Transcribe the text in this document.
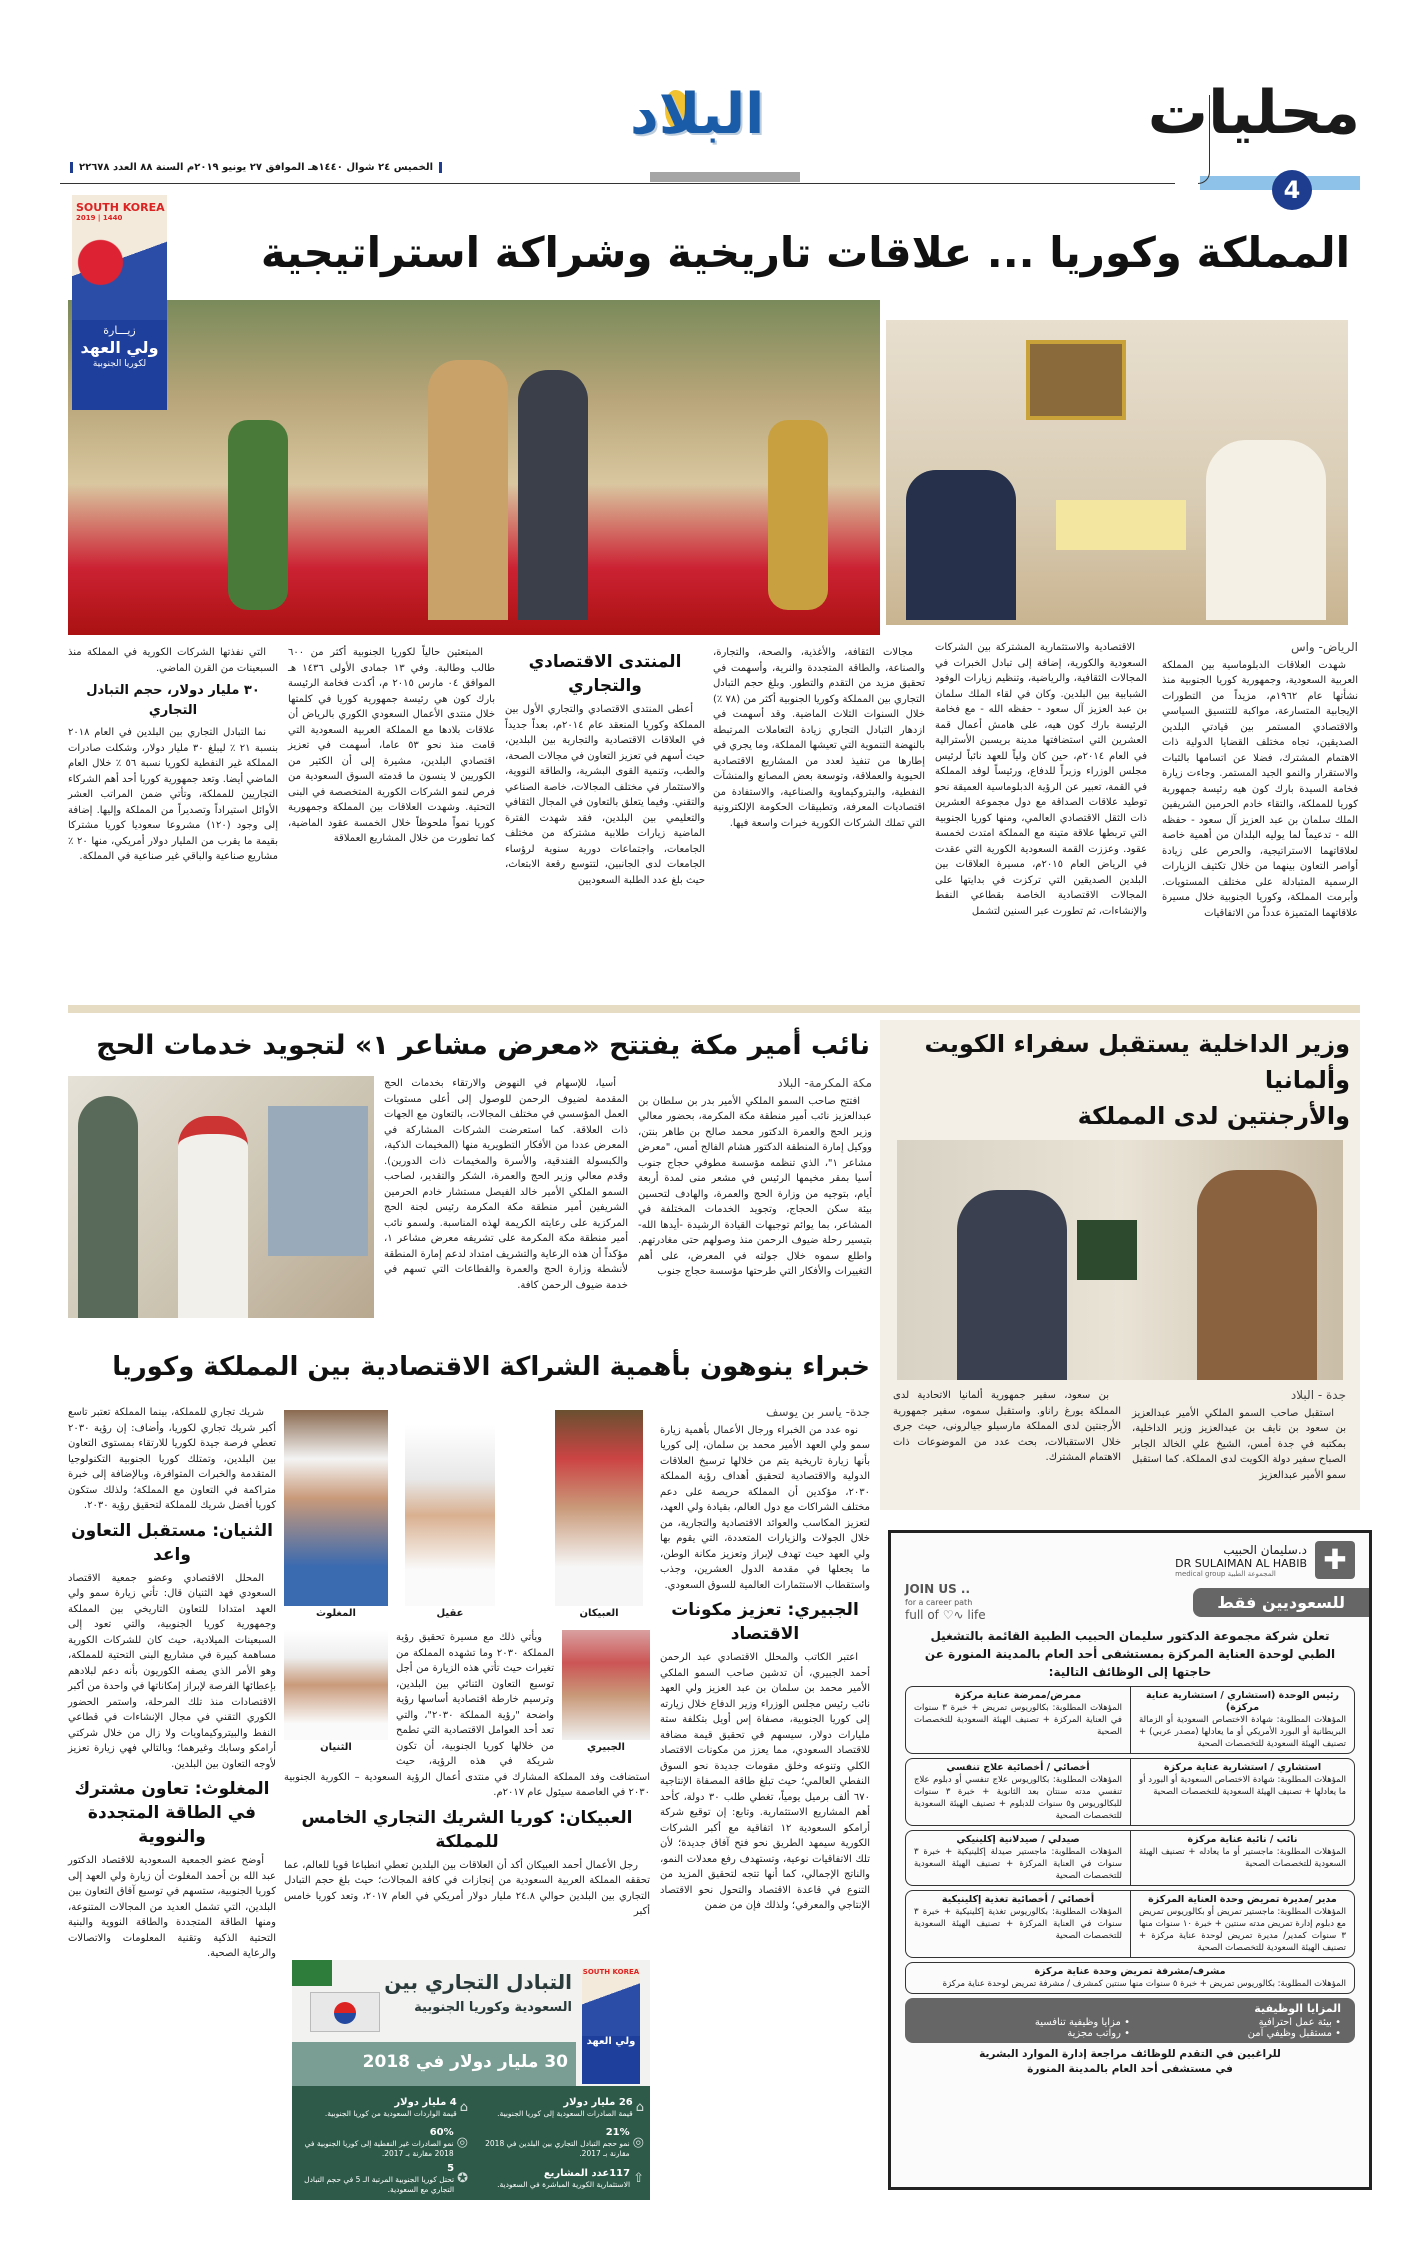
محليات
4
البلاد
الخميس ٢٤ شوال ١٤٤٠هـ الموافق ٢٧ يونيو ٢٠١٩م السنة ٨٨ العدد ٢٢٦٧٨
المملكة وكوريا ... علاقات تاريخية وشراكة استراتيجية
SOUTH KOREA
2019 | 1440
زيـــارة
ولي العهد
لكوريا الجنوبية
الرياض- واس

شهدت العلاقات الدبلوماسية بين المملكة العربية السعودية، وجمهورية كوريا الجنوبية منذ نشأتها عام ١٩٦٢م، مزيداً من التطورات الإيجابية المتسارعة، مواكبة للتنسيق السياسي والاقتصادي المستمر بين قيادتي البلدين الصديقين، تجاه مختلف القضايا الدولية ذات الاهتمام المشترك، فضلا عن اتسامها بالثبات والاستقرار والنمو الجيد المستمر. وجاءت زيارة فخامة السيدة بارك كون هيه رئيسة جمهورية كوريا للمملكة، والتقاء خادم الحرمين الشريفين الملك سلمان بن عبد العزيز آل سعود - حفظه الله - تدعيماً لما يوليه البلدان من أهمية خاصة لعلاقاتهما الاستراتيجية، والحرص على زيادة أواصر التعاون بينهما من خلال تكثيف الزيارات الرسمية المتبادلة على مختلف المستويات. وأبرمت المملكة، وكوريا الجنوبية خلال مسيرة علاقاتهما المتميزة عدداً من الاتفاقيات

الاقتصادية والاستثمارية المشتركة بين الشركات السعودية والكورية، إضافة إلى تبادل الخبرات في المجالات الثقافية، والرياضية، وتنظيم زيارات الوفود الشبابية بين البلدين. وكان في لقاء الملك سلمان بن عبد العزيز آل سعود - حفظه الله - مع فخامة الرئيسة بارك كون هيه، على هامش أعمال قمة العشرين التي استضافتها مدينة بريسبن الأسترالية في العام ٢٠١٤م، حين كان ولياً للعهد نائباً لرئيس مجلس الوزراء وزيراً للدفاع، ورئيساً لوفد المملكة في القمة، تعبير عن الرؤية الدبلوماسية العميقة نحو توطيد علاقات الصداقة مع دول مجموعة العشرين ذات الثقل الاقتصادي العالمي، ومنها كوريا الجنوبية التي تربطها علاقة متينة مع المملكة امتدت لخمسة عقود. وعززت القمة السعودية الكورية التي عقدت في الرياض العام ٢٠١٥م، مسيرة العلاقات بين البلدين الصديقين التي تركزت في بدايتها على المجالات الاقتصادية الخاصة بقطاعي النفط والإنشاءات، ثم تطورت عبر السنين لتشمل

مجالات الثقافة، والأغذية، والصحة، والتجارة، والصناعة، والطاقة المتجددة والنرية، وأسهمت في تحقيق مزيد من التقدم والتطور. وبلغ حجم التبادل التجاري بين المملكة وكوريا الجنوبية أكثر من (٧٨ ٪) خلال السنوات الثلاث الماضية. وقد أسهمت في ازدهار التبادل التجاري زيادة التعاملات المرتبطة بالنهضة التنموية التي تعيشها المملكة، وما يجري في إطارها من تنفيذ لعدد من المشاريع الاقتصادية الحيوية والعملاقة، وتوسعة بعض المصانع والمنشآت النفطية، والبتروكيماوية والصناعية، والاستفادة من اقتصاديات المعرفة، وتطبيقات الحكومة الإلكترونية التي تملك الشركات الكورية خبرات واسعة فيها.

المنتدى الاقتصادي والتجاري

أعطى المنتدى الاقتصادي والتجاري الأول بين المملكة وكوريا المنعقد عام ٢٠١٤م، بعداً جديداً في العلاقات الاقتصادية والتجارية بين البلدين، حيث أسهم في تعزيز التعاون في مجالات الصحة، والطب، وتنمية القوى البشرية، والطاقة النووية، والاستثمار في مختلف المجالات، خاصة الصناعي والتقني. وفيما يتعلق بالتعاون في المجال الثقافي والتعليمي بين البلدين، فقد شهدت الفترة الماضية زيارات طلابية مشتركة من مختلف الجامعات، واجتماعات دورية سنوية لرؤساء الجامعات لدى الجانبين، لتتوسع رقعة الابتعاث، حيث بلغ عدد الطلبة السعوديين

المبتعثين حالياً لكوريا الجنوبية أكثر من ٦٠٠ طالب وطالبة. وفي ١٣ جمادى الأولى ١٤٣٦ هـ الموافق ٠٤ مارس ٢٠١٥ م، أكدت فخامة الرئيسة بارك كون هي رئيسة جمهورية كوريا في كلمتها خلال منتدى الأعمال السعودي الكوري بالرياض أن علاقات بلادها مع المملكة العربية السعودية التي قامت منذ نحو ٥٣ عاما، أسهمت في تعزيز اقتصادي البلدين، مشيرة إلى أن الكثير من الكوريين لا ينسون ما قدمته السوق السعودية من فرص لنمو الشركات الكورية المتخصصة في البنى التحتية. وشهدت العلاقات بين المملكة وجمهورية كوريا نمواً ملحوظاً خلال الخمسة عقود الماضية، كما تطورت من خلال المشاريع العملاقة

التي نفذتها الشركات الكورية في المملكة منذ السبعينات من القرن الماضي.

٣٠ مليار دولار، حجم التبادل التجاري

نما التبادل التجاري بين البلدين في العام ٢٠١٨ بنسبة ٢١ ٪ ليبلغ ٣٠ مليار دولار، وشكلت صادرات المملكة غير النفطية لكوريا نسبة ٥٦ ٪ خلال العام الماضي أيضا. وتعد جمهورية كوريا أحد أهم الشركاء التجاريين للمملكة، وتأتي ضمن المراتب العشر الأوائل استيراداً وتصديراً من المملكة وإليها. إضافة إلى وجود (١٢٠) مشروعا سعوديا كوريا مشتركا بقيمة ما يقرب من المليار دولار أمريكي، منها ٢٠ ٪ مشاريع صناعية والباقي غير صناعية في المملكة.

وزير الداخلية يستقبل سفراء الكويت وألمانيا
والأرجنتين لدى المملكة
جدة - البلاد

استقبل صاحب السمو الملكي الأمير عبدالعزيز بن سعود بن نايف بن عبدالعزيز وزير الداخلية، بمكتبه في جدة أمس، الشيخ علي الخالد الجابر الصباح سفير دولة الكويت لدى المملكة. كما استقبل سمو الأمير عبدالعزيز

بن سعود، سفير جمهورية ألمانيا الاتحادية لدى المملكة يورغ راناو. واستقبل سموه، سفير جمهورية الأرجنتين لدى المملكة مارسيلو جيالرونى، حيث جرى خلال الاستقبالات، بحث عدد من الموضوعات ذات الاهتمام المشترك.

نائب أمير مكة يفتتح «معرض مشاعر ١» لتجويد خدمات الحج
مكة المكرمة- البلاد

افتتح صاحب السمو الملكي الأمير بدر بن سلطان بن عبدالعزيز نائب أمير منطقة مكة المكرمة، بحضور معالي وزير الحج والعمرة الدكتور محمد صالح بن طاهر بنتن، ووكيل إمارة المنطقة الدكتور هشام الفالح أمس، "معرض مشاعر ١"، الذي تنظمه مؤسسة مطوفي حجاج جنوب أسيا بمقر مخيمها الرئيس في مشعر منى لمدة أربعة أيام، بتوجيه من وزارة الحج والعمرة، والهادف لتحسين بيئة سكن الحجاج، وتجويد الخدمات المختلفة في المشاعر، بما يوائم توجيهات القيادة الرشيدة -أيدها الله- بتيسير رحلة ضيوف الرحمن منذ وصولهم حتى مغادرتهم. واطلع سموه خلال جولته في المعرض، على أهم التغييرات والأفكار التي طرحتها مؤسسة حجاج جنوب

أسيا، للإسهام في النهوض والارتقاء بخدمات الحج المقدمة لضيوف الرحمن للوصول إلى أعلى مستويات العمل المؤسسي في مختلف المجالات، بالتعاون مع الجهات ذات العلاقة. كما استعرضت الشركات المشاركة في المعرض عددا من الأفكار التطويرية منها (المخيمات الذكية، والكبسولة الفندقية، والأسرة والمخيمات ذات الدورين). وقدم معالي وزير الحج والعمرة، الشكر والتقدير، لصاحب السمو الملكي الأمير خالد الفيصل مستشار خادم الحرمين الشريفين أمير منطقة مكة المكرمة رئيس لجنة الحج المركزية على رعايته الكريمة لهذه المناسبة. ولسمو نائب أمير منطقة مكة المكرمة على تشريفه معرض مشاعر ١، مؤكداً أن هذه الرعاية والتشريف امتداد لدعم إمارة المنطقة لأنشطة وزارة الحج والعمرة والقطاعات التي تسهم في خدمة ضيوف الرحمن كافة.

خبراء ينوهون بأهمية الشراكة الاقتصادية بين المملكة وكوريا
جدة- ياسر بن يوسف

نوه عدد من الخبراء ورجال الأعمال بأهمية زيارة سمو ولي العهد الأمير محمد بن سلمان، إلى كوريا بأنها زيارة تاريخية يتم من خلالها ترسيخ العلاقات الدولية والاقتصادية لتحقيق أهداف رؤية المملكة ٢٠٣٠، مؤكدين أن المملكة حريصة على دعم مختلف الشراكات مع دول العالم، بقيادة ولي العهد، لتعزيز المكاسب والعوائد الاقتصادية والتجارية، من خلال الجولات والزيارات المتعددة، التي يقوم بها ولي العهد حيث تهدف لإبراز وتعزيز مكانة الوطن، ما يجعلها في مقدمة الدول العشرين، وجذب واستقطاب الاستثمارات العالمية للسوق السعودي.

الجبيري: تعزيز مكونات الاقتصاد

اعتبر الكاتب والمحلل الاقتصادي عبد الرحمن أحمد الجبيري، أن تدشين صاحب السمو الملكي الأمير محمد بن سلمان بن عبد العزيز ولي العهد نائب رئيس مجلس الوزراء وزير الدفاع خلال زيارته إلى كوريا الجنوبية، مصفاة إس أويل بتكلفة ستة مليارات دولار، سيسهم في تحقيق قيمة مضافة للاقتصاد السعودي، مما يعزز من مكونات الاقتصاد الكلي وتنوعه وخلق مقومات جديدة نحو السوق النفطي العالمي؛ حيث تبلغ طاقة المصفاة الإنتاجية ٦٧٠ ألف برميل يومياً، تغطي طلب ٣٠ دولة، كأحد أهم المشاريع الاستثمارية. وتابع: إن توقيع شركة أرامكو السعودية ١٢ اتفاقية مع أكبر الشركات الكورية سيمهد الطريق نحو فتح آفاق جديدة؛ لأن تلك الاتفاقيات نوعية، وتستهدف رفع معدلات النمو، والناتج الإجمالي، كما أنها تتجه لتحقيق المزيد من التنوع في قاعدة الاقتصاد والتحول نحو الاقتصاد الإنتاجي والمعرفي؛ ولذلك فإن من ضمن

المغلوث	عقيل	العبيكان
الثنيان	الجبيري

ويأتي ذلك مع مسيرة تحقيق رؤية المملكة ٢٠٣٠ وما تشهده المملكة من تغيرات حيث تأتي هذه الزيارة من أجل توسيع التعاون الثنائي بين البلدين، وترسيم خارطة اقتصادية أساسها رؤية واضحة "رؤية المملكة ٢٠٣٠"، والتي تعد أحد العوامل الاقتصادية التي تطمح من خلالها كوريا الجنوبية، أن تكون شريكة في هذه الرؤية، حيث استضافت وفد المملكة المشارك في منتدى أعمال الرؤية السعودية – الكورية الجنوبية ٢٠٣٠ في العاصمة سيئول عام ٢٠١٧م.

العبيكان: كوريا الشريك التجاري الخامس للمملكة

رجل الأعمال أحمد العبيكان أكد أن العلاقات بين البلدين تعطي انطباعا قويا للعالم، عما تحققه المملكة العربية السعودية من إنجازات في كافة المجالات؛ حيث بلغ حجم التبادل التجاري بين البلدين حوالي ٢٤.٨ مليار دولار أمريكي في العام ٢٠١٧، وتعد كوريا خامس أكبر

شريك تجاري للمملكة، بينما المملكة تعتبر تاسع أكبر شريك تجاري لكوريا، وأضاف: إن رؤية ٢٠٣٠ تعطي فرصة جيدة لكوريا للارتقاء بمستوى التعاون بين البلدين، وتمتلك كوريا الجنوبية التكنولوجيا المتقدمة والخبرات المتوافرة، وبالإضافة إلى خبرة متراكمة في التعاون مع المملكة؛ ولذلك ستكون كوريا أفضل شريك للمملكة لتحقيق رؤية ٢٠٣٠.

الثنيان: مستقبل التعاون واعد

المحلل الاقتصادي وعضو جمعية الاقتصاد السعودي فهد الثنيان قال: تأتي زيارة سمو ولي العهد امتدادا للتعاون التاريخي بين المملكة وجمهورية كوريا الجنوبية، والتي تعود إلى السبعينات الميلادية، حيث كان للشركات الكورية مساهمة كبيرة في مشاريع البنى التحتية للمملكة، وهو الأمر الذي يصفه الكوريون بأنه دعم لبلادهم بإعطائها الفرصة لإبراز إمكاناتها في واحدة من أكبر الاقتصادات منذ تلك المرحلة، واستمر الحضور الكوري التقني في مجال الإنشاءات في قطاعي النفط والبيتروكيماويات ولا زال من خلال شركتي أرامكو وسابك وغيرهما؛ وبالتالي فهي زيارة تعزيز لأوجه التعاون بين البلدين.

المغلوث: تعاون مشترك في الطاقة المتجددة والنووية

أوضح عضو الجمعية السعودية للاقتصاد الدكتور عبد الله بن أحمد المغلوث أن زيارة ولي العهد إلى كوريا الجنوبية، ستسهم في توسيع آفاق التعاون بين البلدين، التي تشمل العديد من المجالات المتنوعة، ومنها الطاقة المتجددة والطاقة النووية والبنية التحتية الذكية وتقنية المعلومات والاتصالات والرعاية الصحية.

SOUTH KOREA
ولي العهد
التبادل التجاري بين
السعودية وكوريا الجنوبية
30 مليار دولار في 2018
⌂
26 مليار دولار
قيمة الصادرات السعودية إلى كوريا الجنوبية.
⌂
4 مليار دولار
قيمة الواردات السعودية من كوريا الجنوبية.
◎
21%
نمو حجم التبادل التجاري بين البلدين في 2018 مقارنة بـ 2017.
◎
60%
نمو الصادرات غير النفطية إلى كوريا الجنوبية في 2018 مقارنة بـ 2017.
⇧
117عدد المشاريع
الاستثمارية الكورية المباشرة في السعودية.
✪
5
تحتل كوريا الجنوبية المرتبة الـ 5 في حجم التبادل التجاري مع السعودية.
✚
د.سليمان الحبيب
DR SULAIMAN AL HABIB
medical group المجموعة الطبية
للسعوديين فقط
JOIN US ..
for a career path
full of ♡∿ life
تعلن شركة مجموعة الدكتور سليمان الحبيب الطبية القائمة بالتشغيل الطبي لوحدة العناية المركزة بمستشفى أحد العام بالمدينة المنورة عن حاجتها إلى الوظائف التالية:
رئيس الوحدة (استشاري / استشارية عناية مركزة)
المؤهلات المطلوبة: شهادة الاختصاص السعودية أو الزمالة البريطانية أو البورد الأمريكي أو ما يعادلها (مصدر عربي) + تصنيف الهيئة السعودية للتخصصات الصحية
ممرض/ممرضة عناية مركزة
المؤهلات المطلوبة: بكالوريوس تمريض + خبرة ٣ سنوات في العناية المركزة + تصنيف الهيئة السعودية للتخصصات الصحية
استشاري / استشارية عناية مركزة
المؤهلات المطلوبة: شهادة الاختصاص السعودية أو البورد أو ما يعادلها + تصنيف الهيئة السعودية للتخصصات الصحية
أخصائي / أخصائية علاج تنفسي
المؤهلات المطلوبة: بكالوريوس علاج تنفسي أو دبلوم علاج تنفسي مدته سنتان بعد الثانوية + خبرة ٣ سنوات للبكالوريوس و٥ سنوات للدبلوم + تصنيف الهيئة السعودية للتخصصات الصحية
نائب / نائبة عناية مركزة
المؤهلات المطلوبة: ماجستير أو ما يعادله + تصنيف الهيئة السعودية للتخصصات الصحية
صيدلي / صيدلانية إكلينيكي
المؤهلات المطلوبة: ماجستير صيدلة إكلينيكية + خبرة ٣ سنوات في العناية المركزة + تصنيف الهيئة السعودية للتخصصات الصحية
مدير /مديرة تمريض وحدة العناية المركزة
المؤهلات المطلوبة: ماجستير تمريض أو بكالوريوس تمريض مع دبلوم إدارة تمريض مدته سنتين + خبرة ١٠ سنوات منها ٣ سنوات كمدير/ مديرة تمريض لوحدة عناية مركزة + تصنيف الهيئة السعودية للتخصصات الصحية
أخصائي / أخصائية تغذية إكلينيكية
المؤهلات المطلوبة: بكالوريوس تغذية إكلينيكية + خبرة ٣ سنوات في العناية المركزة + تصنيف الهيئة السعودية للتخصصات الصحية
مشرف/مشرفة تمريض وحدة عناية مركزة
المؤهلات المطلوبة: بكالوريوس تمريض + خبرة ٥ سنوات منها سنتين كمشرف / مشرفة تمريض لوحدة عناية مركزة
المزايا الوظيفية
• بيئة عمل احترافية
• مزايا وظيفية تنافسية
• مستقبل وظيفي آمن
• رواتب مجزية
للراغبين في التقدم للوظائف مراجعة إدارة الموارد البشرية
في مستشفى أحد العام بالمدينة المنورة
